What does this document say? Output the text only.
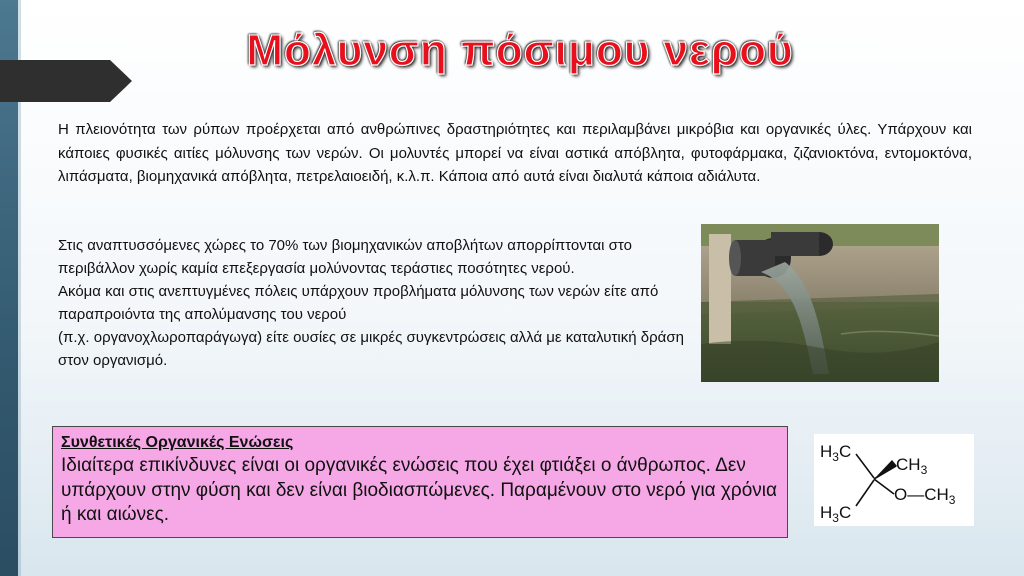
Μόλυνση πόσιμου νερού

Η πλειονότητα των ρύπων προέρχεται από ανθρώπινες δραστηριότητες και περιλαμβάνει μικρόβια και οργανικές ύλες. Υπάρχουν και κάποιες φυσικές αιτίες μόλυνσης των νερών. Οι μολυντές μπορεί να είναι αστικά απόβλητα, φυτοφάρμακα, ζιζανιοκτόνα, εντομοκτόνα, λιπάσματα, βιομηχανικά απόβλητα, πετρελαιοειδή, κ.λ.π. Κάποια από αυτά είναι διαλυτά κάποια αδιάλυτα.

Στις αναπτυσσόμενες χώρες το 70% των βιομηχανικών αποβλήτων απορρίπτονται στο περιβάλλον χωρίς καμία επεξεργασία μολύνοντας τεράστιες ποσότητες νερού.

Ακόμα και στις ανεπτυγμένες πόλεις υπάρχουν προβλήματα μόλυνσης των νερών είτε από παραπροιόντα της απολύμανσης του νερού

(π.χ. οργανοχλωροπαράγωγα) είτε ουσίες σε μικρές συγκεντρώσεις αλλά με καταλυτική δράση στον οργανισμό.

Συνθετικές Οργανικές Ενώσεις
Ιδιαίτερα επικίνδυνες είναι οι οργανικές ενώσεις που έχει φτιάξει ο άνθρωπος. Δεν υπάρχουν στην φύση και δεν είναι βιοδιασπώμενες. Παραμένουν στο νερό για χρόνια ή και αιώνες.
$H_3C$
$CH_3$
$O—CH_3$
$H_3C$
